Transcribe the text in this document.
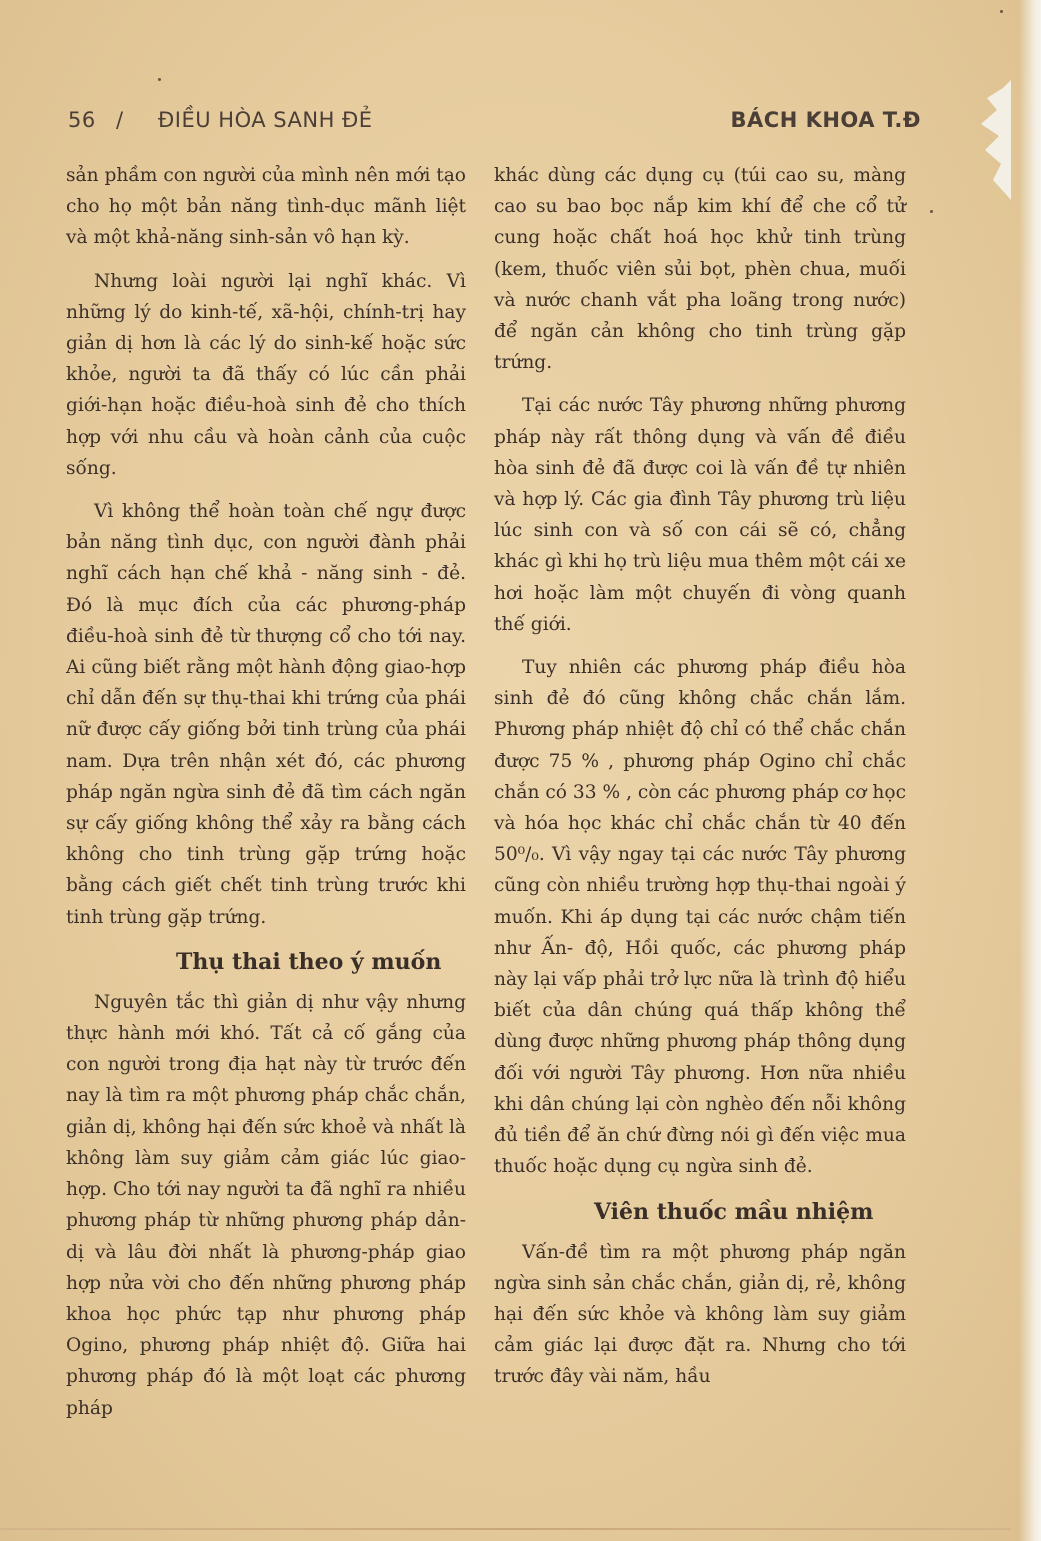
56 / ĐIỀU HÒA SANH ĐẺ	BÁCH KHOA T.Đ

sản phầm con người của mình nên mới tạo cho họ một bản năng tình-dục mãnh liệt và một khả-năng sinh-sản vô hạn kỳ.

Nhưng loài người lại nghĩ khác. Vì những lý do kinh-tế, xã-hội, chính-trị hay giản dị hơn là các lý do sinh-kế hoặc sức khỏe, người ta đã thấy có lúc cần phải giới-hạn hoặc điều-hoà sinh đẻ cho thích hợp với nhu cầu và hoàn cảnh của cuộc sống.

Vì không thể hoàn toàn chế ngự được bản năng tình dục, con người đành phải nghĩ cách hạn chế khả - năng sinh - đẻ. Đó là mục đích của các phương-pháp điều-hoà sinh đẻ từ thượng cổ cho tới nay. Ai cũng biết rằng một hành động giao-hợp chỉ dẫn đến sự thụ-thai khi trứng của phái nữ được cấy giống bởi tinh trùng của phái nam. Dựa trên nhận xét đó, các phương pháp ngăn ngừa sinh đẻ đã tìm cách ngăn sự cấy giống không thể xảy ra bằng cách không cho tinh trùng gặp trứng hoặc bằng cách giết chết tinh trùng trước khi tinh trùng gặp trứng.

Thụ thai theo ý muốn

Nguyên tắc thì giản dị như vậy nhưng thực hành mới khó. Tất cả cố gắng của con người trong địa hạt này từ trước đến nay là tìm ra một phương pháp chắc chắn, giản dị, không hại đến sức khoẻ và nhất là không làm suy giảm cảm giác lúc giao-hợp. Cho tới nay người ta đã nghĩ ra nhiều phương pháp từ những phương pháp dản-dị và lâu đời nhất là phương-pháp giao hợp nửa vời cho đến những phương pháp khoa học phức tạp như phương pháp Ogino, phương pháp nhiệt độ. Giữa hai phương pháp đó là một loạt các phương pháp

khác dùng các dụng cụ (túi cao su, màng cao su bao bọc nắp kim khí để che cổ tử cung hoặc chất hoá học khử tinh trùng (kem, thuốc viên sủi bọt, phèn chua, muối và nước chanh vắt pha loãng trong nước) để ngăn cản không cho tinh trùng gặp trứng.

Tại các nước Tây phương những phương pháp này rất thông dụng và vấn đề điều hòa sinh đẻ đã được coi là vấn đề tự nhiên và hợp lý. Các gia đình Tây phương trù liệu lúc sinh con và số con cái sẽ có, chẳng khác gì khi họ trù liệu mua thêm một cái xe hơi hoặc làm một chuyến đi vòng quanh thế giới.

Tuy nhiên các phương pháp điều hòa sinh đẻ đó cũng không chắc chắn lắm. Phương pháp nhiệt độ chỉ có thể chắc chắn được 75 % , phương pháp Ogino chỉ chắc chắn có 33 % , còn các phương pháp cơ học và hóa học khác chỉ chắc chắn từ 40 đến 50⁰/₀. Vì vậy ngay tại các nước Tây phương cũng còn nhiều trường hợp thụ-thai ngoài ý muốn. Khi áp dụng tại các nước chậm tiến như Ấn- độ, Hồi quốc, các phương pháp này lại vấp phải trở lực nữa là trình độ hiểu biết của dân chúng quá thấp không thể dùng được những phương pháp thông dụng đối với người Tây phương. Hơn nữa nhiều khi dân chúng lại còn nghèo đến nỗi không đủ tiền để ăn chứ đừng nói gì đến việc mua thuốc hoặc dụng cụ ngừa sinh đẻ.

Viên thuốc mầu nhiệm

Vấn-đề tìm ra một phương pháp ngăn ngừa sinh sản chắc chắn, giản dị, rẻ, không hại đến sức khỏe và không làm suy giảm cảm giác lại được đặt ra. Nhưng cho tới trước đây vài năm, hầu
